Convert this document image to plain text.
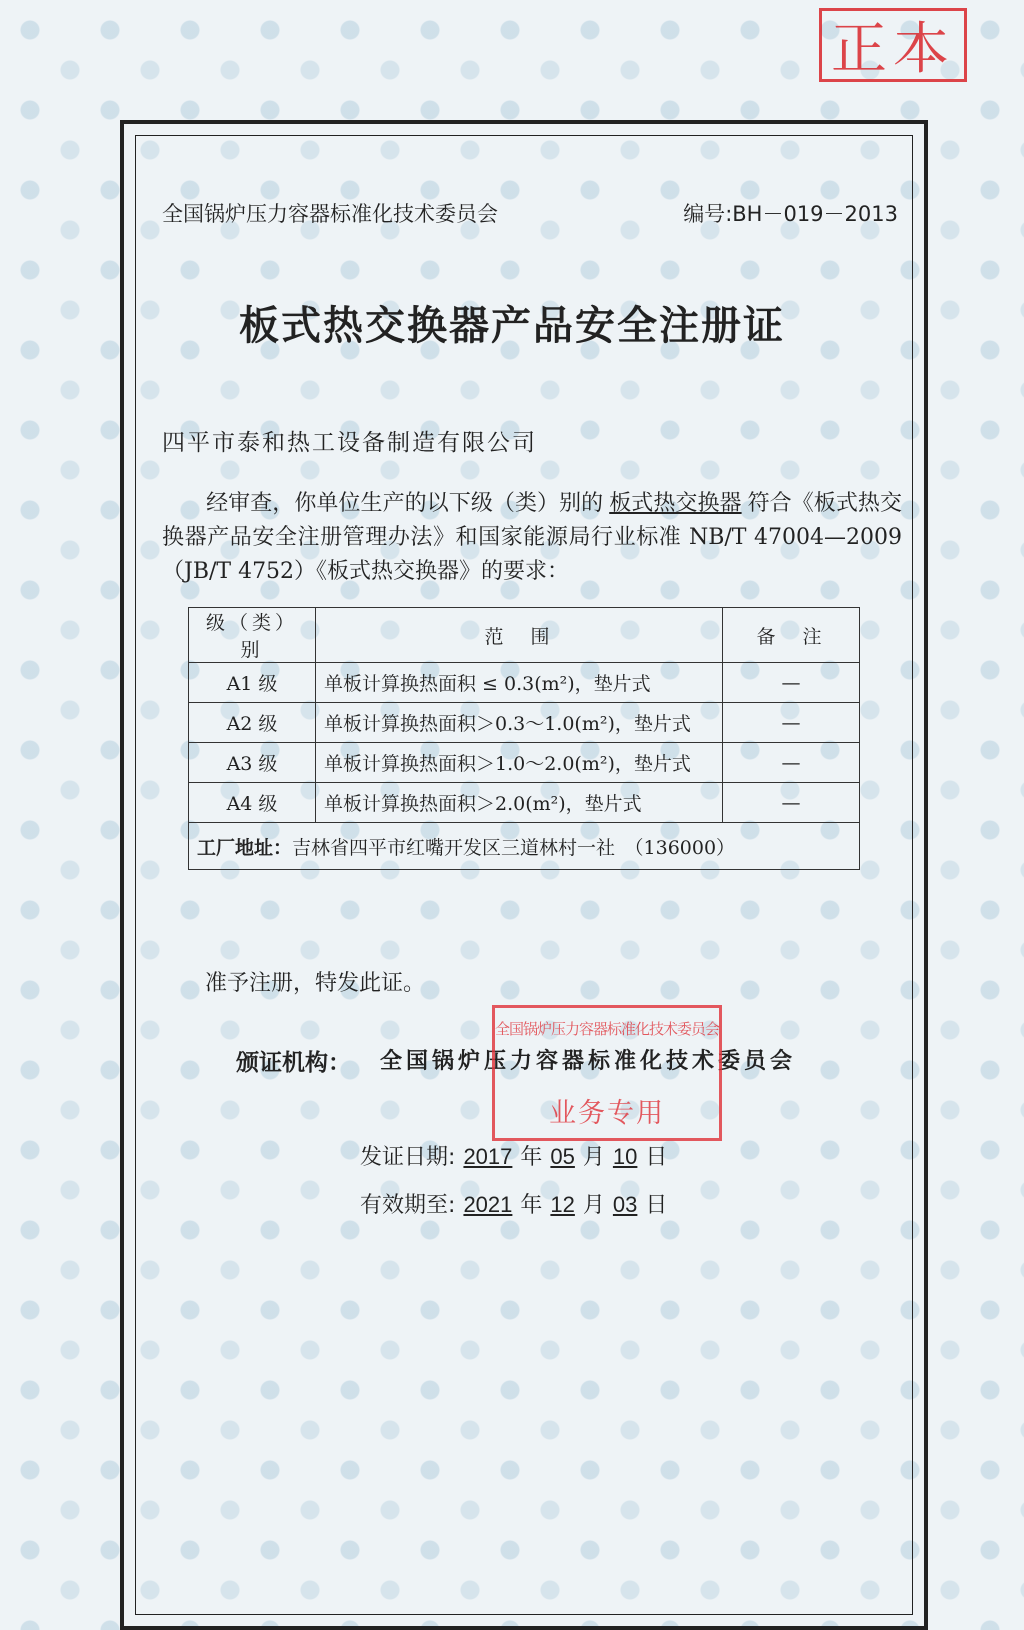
正本
全国锅炉压力容器标准化技术委员会	编号:BH－019－2013
板式热交换器产品安全注册证
四平市泰和热工设备制造有限公司
经审查，你单位生产的以下级（类）别的 板式热交换器 符合《板式热交换器产品安全注册管理办法》和国家能源局行业标准 NB/T 47004—2009（JB/T 4752）《板式热交换器》的要求：
级（类）别	范　围	备　注
A1 级	单板计算换热面积 ≤ 0.3(m²)，垫片式	—
A2 级	单板计算换热面积＞0.3～1.0(m²)，垫片式	—
A3 级	单板计算换热面积＞1.0～2.0(m²)，垫片式	—
A4 级	单板计算换热面积＞2.0(m²)，垫片式	—
工厂地址：吉林省四平市红嘴开发区三道林村一社　（136000）		
准予注册，特发此证。
颁证机构： 全国锅炉压力容器标准化技术委员会
全国锅炉压力容器标准化技术委员会
业务专用
发证日期: 2017 年 05 月 10 日
有效期至: 2021 年 12 月 03 日
